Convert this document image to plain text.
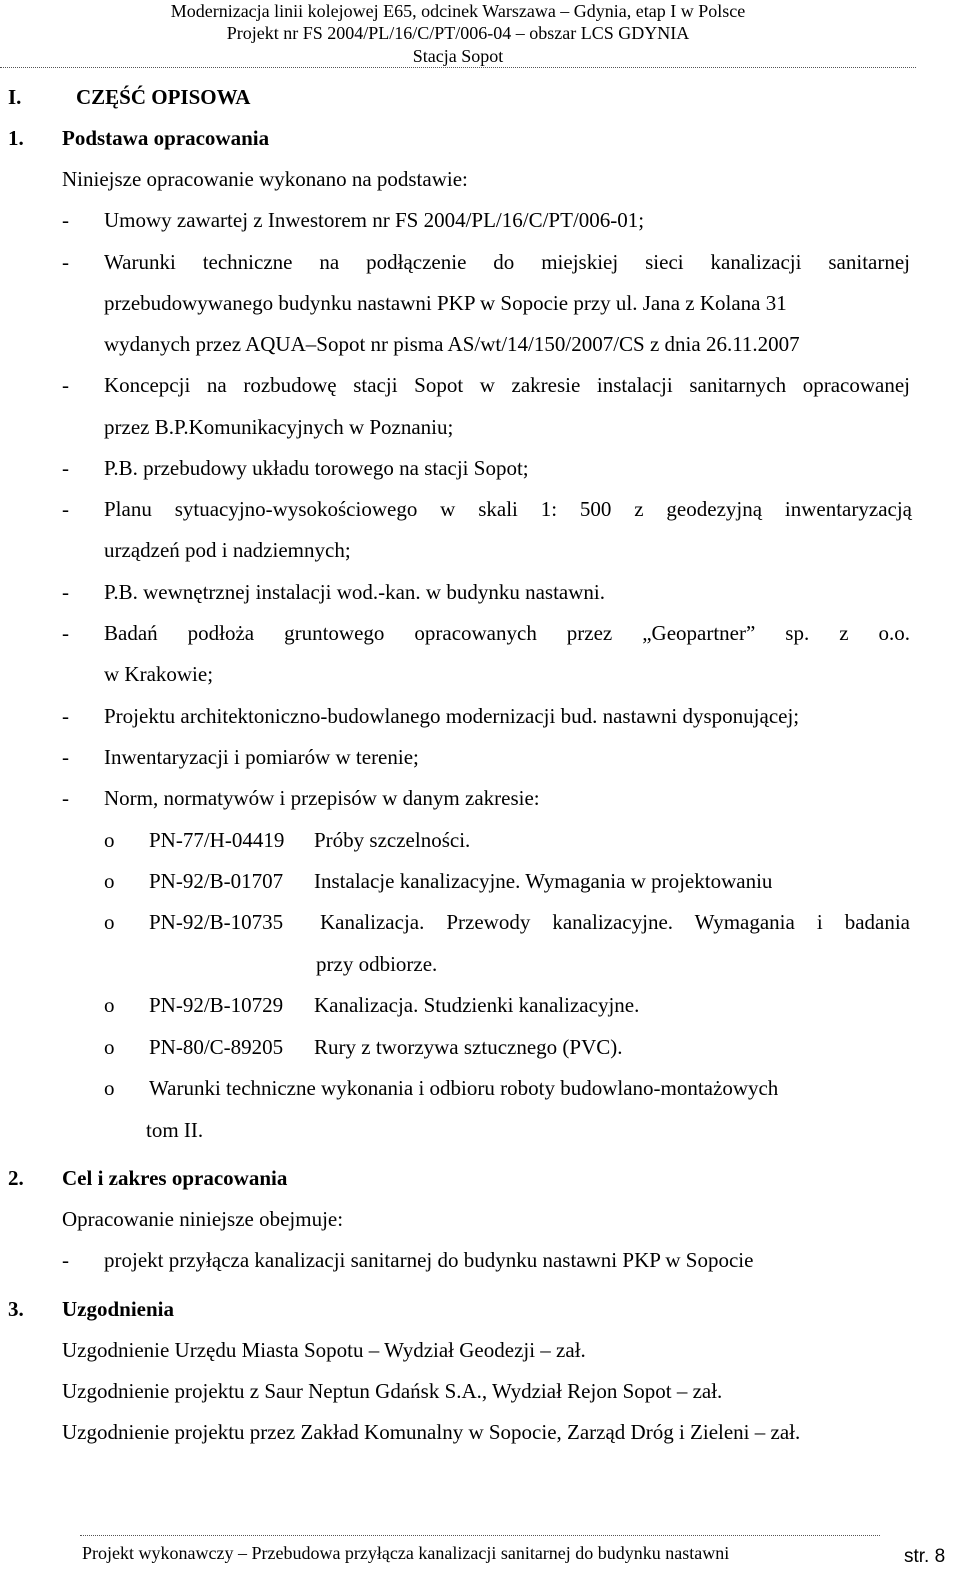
Modernizacja linii kolejowej E65, odcinek Warszawa – Gdynia, etap I w Polsce
Projekt nr FS 2004/PL/16/C/PT/006-04 – obszar LCS GDYNIA
Stacja Sopot
I.	CZĘŚĆ OPISOWA
1. Podstawa opracowania
Niniejsze opracowanie wykonano na podstawie:
- Umowy zawartej z Inwestorem nr FS 2004/PL/16/C/PT/006-01;
- Warunki techniczne na podłączenie do miejskiej sieci kanalizacji sanitarnej
przebudowywanego budynku nastawni PKP w Sopocie przy ul. Jana z Kolana 31
wydanych przez AQUA–Sopot nr pisma AS/wt/14/150/2007/CS z dnia 26.11.2007
- Koncepcji na rozbudowę stacji Sopot w zakresie instalacji sanitarnych opracowanej
przez B.P.Komunikacyjnych w Poznaniu;
- P.B. przebudowy układu torowego na stacji Sopot;
- Planu sytuacyjno-wysokościowego w skali 1: 500 z geodezyjną inwentaryzacją
urządzeń pod i nadziemnych;
- P.B. wewnętrznej instalacji wod.-kan. w budynku nastawni.
- Badań podłoża gruntowego opracowanych przez „Geopartner” sp. z o.o.
w Krakowie;
- Projektu architektoniczno-budowlanego modernizacji bud. nastawni dysponującej;
- Inwentaryzacji i pomiarów w terenie;
- Norm, normatywów i przepisów w danym zakresie:
o PN-77/H-04419 Próby szczelności.
o PN-92/B-01707 Instalacje kanalizacyjne. Wymagania w projektowaniu
o PN-92/B-10735 Kanalizacja. Przewody kanalizacyjne. Wymagania i badania
przy odbiorze.
o PN-92/B-10729 Kanalizacja. Studzienki kanalizacyjne.
o PN-80/C-89205 Rury z tworzywa sztucznego (PVC).
o Warunki techniczne wykonania i odbioru roboty budowlano-montażowych
tom II.
2. Cel i zakres opracowania
Opracowanie niniejsze obejmuje:
- projekt przyłącza kanalizacji sanitarnej do budynku nastawni PKP w Sopocie
3. Uzgodnienia
Uzgodnienie Urzędu Miasta Sopotu – Wydział Geodezji – zał.
Uzgodnienie projektu z Saur Neptun Gdańsk S.A., Wydział Rejon Sopot – zał.
Uzgodnienie projektu przez Zakład Komunalny w Sopocie, Zarząd Dróg i Zieleni – zał.
Projekt wykonawczy – Przebudowa przyłącza kanalizacji sanitarnej do budynku nastawni	str. 8
